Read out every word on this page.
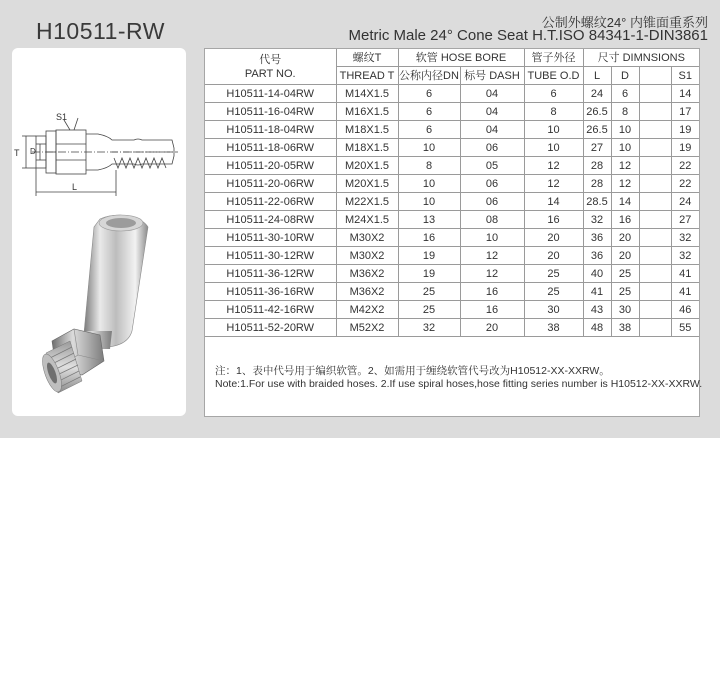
H10511-RW	公制外螺纹24° 内锥面重系列
Metric Male 24° Cone Seat H.T.ISO 84341-1-DIN3861
S1
T D
L
代号
PART NO.	螺纹T	软管 HOSE BORE		管子外径	尺寸 DIMNSIONS			
	THREAD T	公称内径DN	标号 DASH	TUBE O.D	L	D		S1
H10511-14-04RW	M14X1.5	6	04	6	24	6		14
H10511-16-04RW	M16X1.5	6	04	8	26.5	8		17
H10511-18-04RW	M18X1.5	6	04	10	26.5	10		19
H10511-18-06RW	M18X1.5	10	06	10	27	10		19
H10511-20-05RW	M20X1.5	8	05	12	28	12		22
H10511-20-06RW	M20X1.5	10	06	12	28	12		22
H10511-22-06RW	M22X1.5	10	06	14	28.5	14		24
H10511-24-08RW	M24X1.5	13	08	16	32	16		27
H10511-30-10RW	M30X2	16	10	20	36	20		32
H10511-30-12RW	M30X2	19	12	20	36	20		32
H10511-36-12RW	M36X2	19	12	25	40	25		41
H10511-36-16RW	M36X2	25	16	25	41	25		41
H10511-42-16RW	M42X2	25	16	30	43	30		46
H10511-52-20RW	M52X2	32	20	38	48	38		55
注：1、表中代号用于编织软管。2、如需用于缠绕软管代号改为H10512-XX-XXRW。
Note:1.For use with braided hoses. 2.If use spiral hoses,hose fitting series number is H10512-XX-XXRW.
